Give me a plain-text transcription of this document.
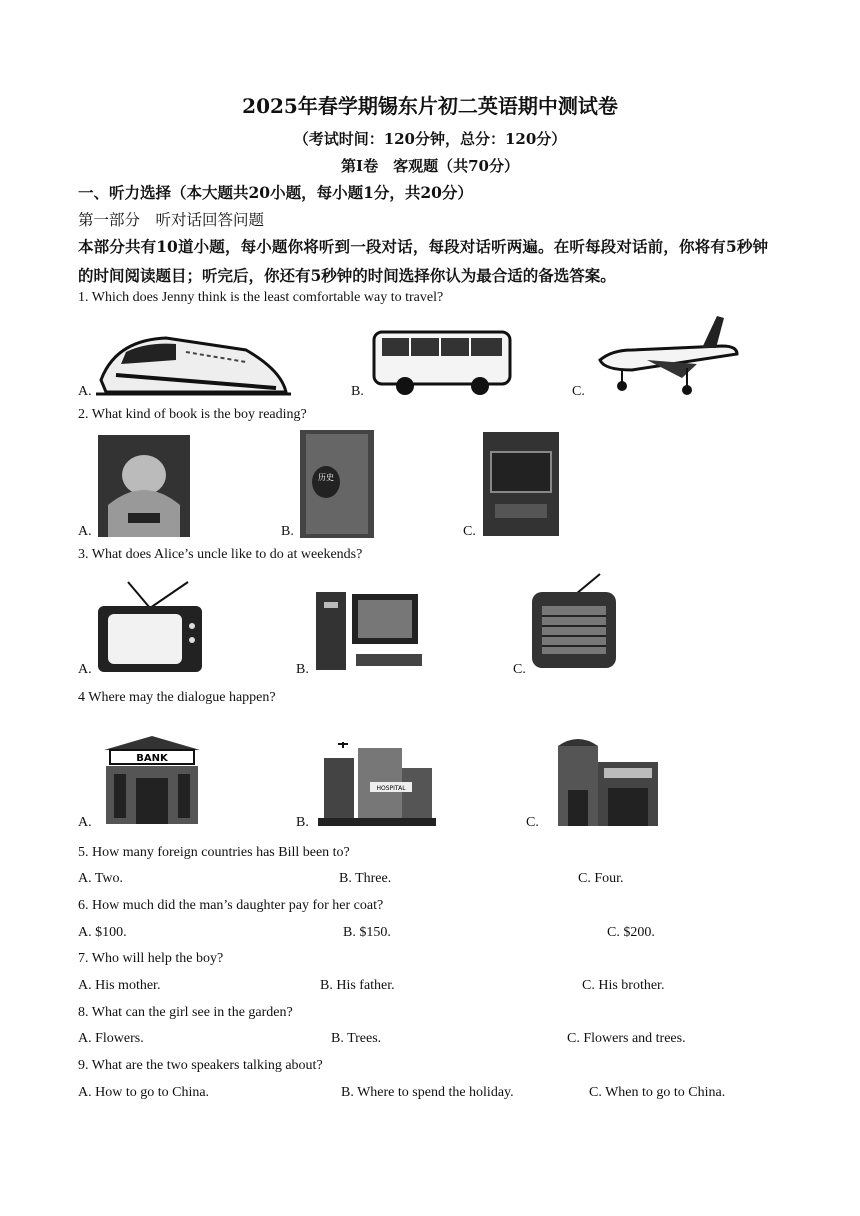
2025年春学期锡东片初二英语期中测试卷
（考试时间：120分钟，总分：120分）
第Ⅰ卷　客观题（共70分）
一、听力选择（本大题共20小题，每小题1分，共20分）
第一部分　听对话回答问题
本部分共有10道小题，每小题你将听到一段对话，每段对话听两遍。在听每段对话前，你将有5秒钟的时间阅读题目；听完后，你还有5秒钟的时间选择你认为最合适的备选答案。
1. Which does Jenny think is the least comfortable way to travel?
A.	B.	C.
2. What kind of book is the boy reading?
A.	B.	C.
历史
3. What does Alice’s uncle like to do at weekends?
A.	B.	C.
4 Where may the dialogue happen?
A.	B.	C.
BANK
HOSPITAL
5. How many foreign countries has Bill been to?
A. Two.	B. Three.	C. Four.
6. How much did the man’s daughter pay for her coat?
A. $100.	B. $150.	C. $200.
7. Who will help the boy?
A. His mother.	B. His father.	C. His brother.
8. What can the girl see in the garden?
A. Flowers.	B. Trees.	C. Flowers and trees.
9. What are the two speakers talking about?
A. How to go to China.	B. Where to spend the holiday.	C. When to go to China.
